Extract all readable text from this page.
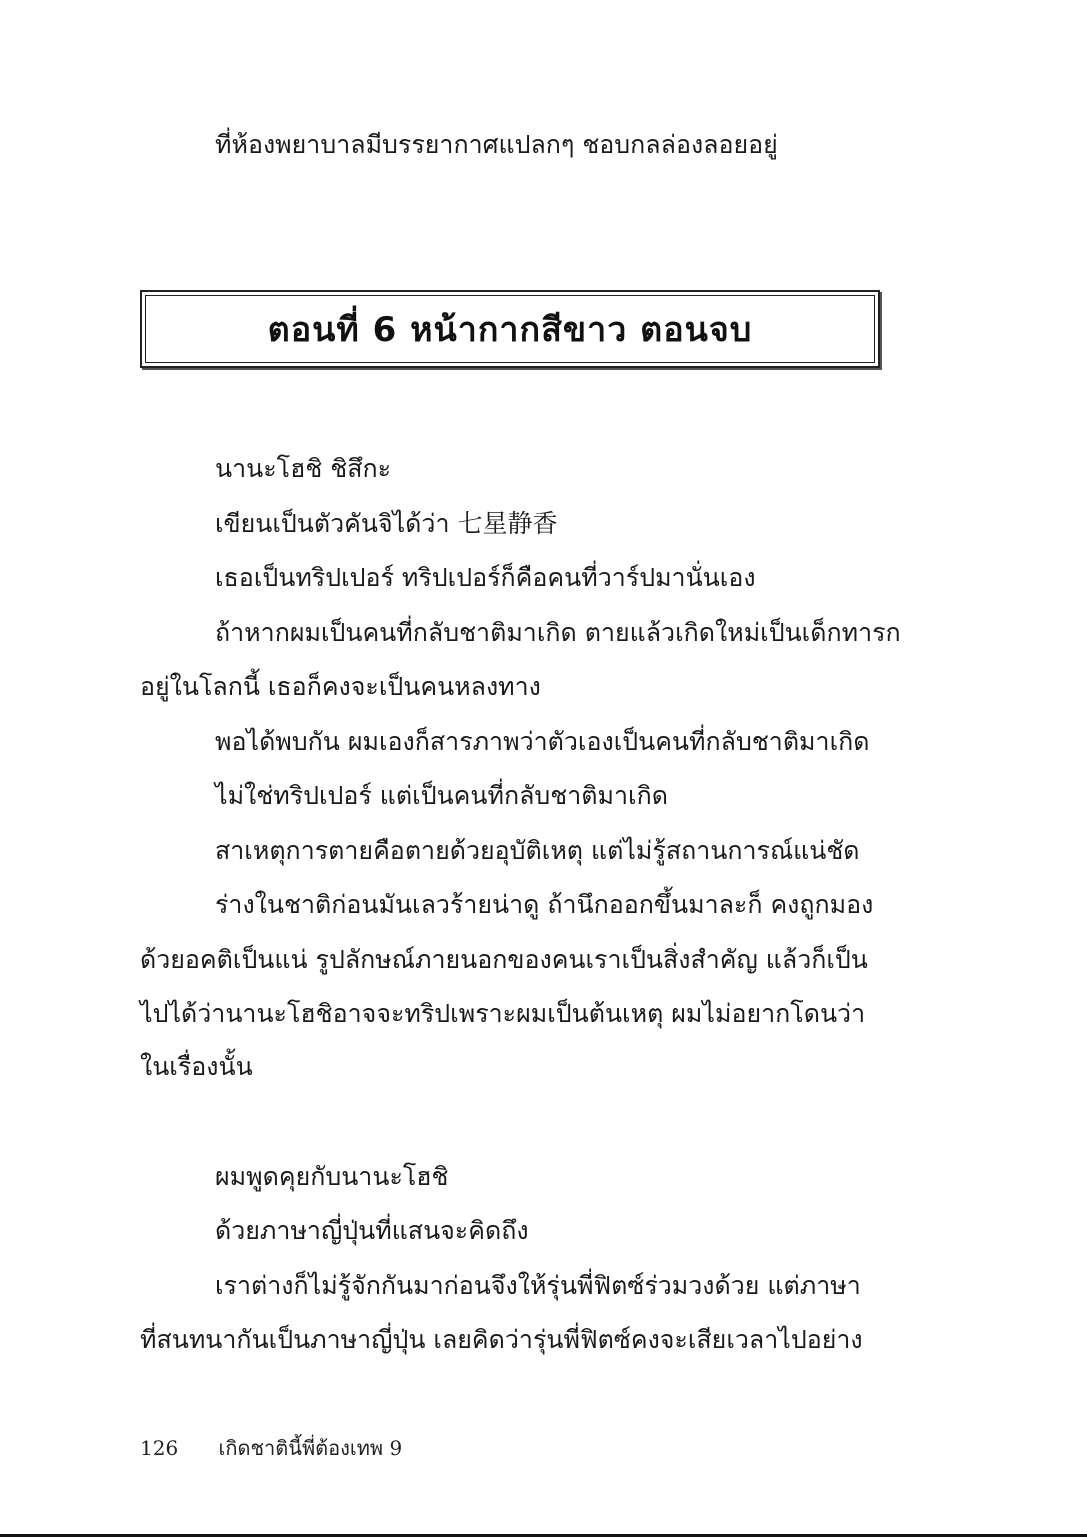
ที่ห้องพยาบาลมีบรรยากาศแปลกๆ ชอบกลล่องลอยอยู่
ตอนที่ 6 หน้ากากสีขาว ตอนจบ
นานะโฮชิ ชิสึกะ
เขียนเป็นตัวคันจิได้ว่า 七星静香
เธอเป็นทริปเปอร์ ทริปเปอร์ก็คือคนที่วาร์ปมานั่นเอง
ถ้าหากผมเป็นคนที่กลับชาติมาเกิด ตายแล้วเกิดใหม่เป็นเด็กทารก
อยู่ในโลกนี้ เธอก็คงจะเป็นคนหลงทาง
พอได้พบกัน ผมเองก็สารภาพว่าตัวเองเป็นคนที่กลับชาติมาเกิด
ไม่ใช่ทริปเปอร์ แต่เป็นคนที่กลับชาติมาเกิด
สาเหตุการตายคือตายด้วยอุบัติเหตุ แต่ไม่รู้สถานการณ์แน่ชัด
ร่างในชาติก่อนมันเลวร้ายน่าดู ถ้านึกออกขึ้นมาละก็ คงถูกมอง
ด้วยอคติเป็นแน่ รูปลักษณ์ภายนอกของคนเราเป็นสิ่งสำคัญ แล้วก็เป็น
ไปได้ว่านานะโฮชิอาจจะทริปเพราะผมเป็นต้นเหตุ ผมไม่อยากโดนว่า
ในเรื่องนั้น
ผมพูดคุยกับนานะโฮชิ
ด้วยภาษาญี่ปุ่นที่แสนจะคิดถึง
เราต่างก็ไม่รู้จักกันมาก่อนจึงให้รุ่นพี่ฟิตซ์ร่วมวงด้วย แต่ภาษา
ที่สนทนากันเป็นภาษาญี่ปุ่น เลยคิดว่ารุ่นพี่ฟิตซ์คงจะเสียเวลาไปอย่าง
126 เกิดชาตินี้พี่ต้องเทพ 9
